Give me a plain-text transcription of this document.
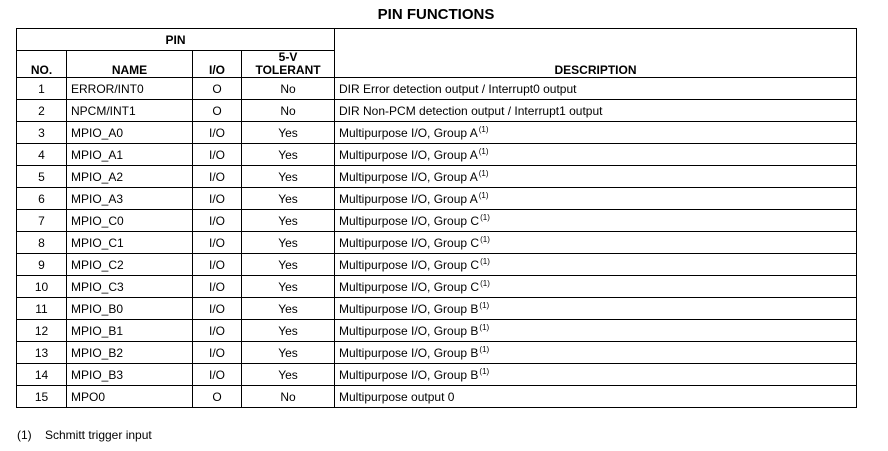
PIN FUNCTIONS
PIN				DESCRIPTION
NO.	NAME	I/O	5-V
TOLERANT	
1	ERROR/INT0	O	No	DIR Error detection output / Interrupt0 output
2	NPCM/INT1	O	No	DIR Non-PCM detection output / Interrupt1 output
3	MPIO_A0	I/O	Yes	Multipurpose I/O, Group A$^{(1)}$
4	MPIO_A1	I/O	Yes	Multipurpose I/O, Group A$^{(1)}$
5	MPIO_A2	I/O	Yes	Multipurpose I/O, Group A$^{(1)}$
6	MPIO_A3	I/O	Yes	Multipurpose I/O, Group A$^{(1)}$
7	MPIO_C0	I/O	Yes	Multipurpose I/O, Group C$^{(1)}$
8	MPIO_C1	I/O	Yes	Multipurpose I/O, Group C$^{(1)}$
9	MPIO_C2	I/O	Yes	Multipurpose I/O, Group C$^{(1)}$
10	MPIO_C3	I/O	Yes	Multipurpose I/O, Group C$^{(1)}$
11	MPIO_B0	I/O	Yes	Multipurpose I/O, Group B$^{(1)}$
12	MPIO_B1	I/O	Yes	Multipurpose I/O, Group B$^{(1)}$
13	MPIO_B2	I/O	Yes	Multipurpose I/O, Group B$^{(1)}$
14	MPIO_B3	I/O	Yes	Multipurpose I/O, Group B$^{(1)}$
15	MPO0	O	No	Multipurpose output 0
(1) Schmitt trigger input
